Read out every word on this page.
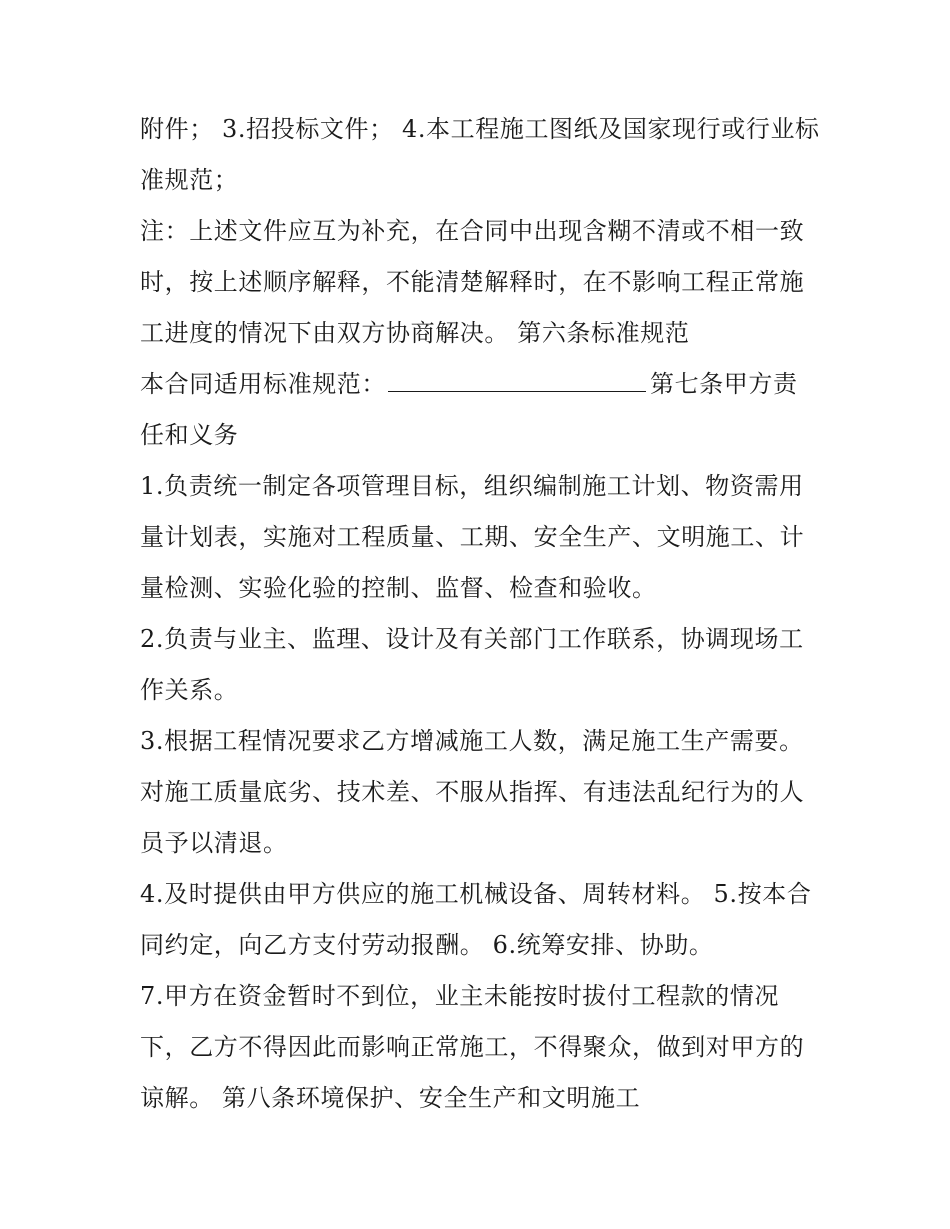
附件； 3.招投标文件； 4.本工程施工图纸及国家现行或行业标
准规范；
注：上述文件应互为补充，在合同中出现含糊不清或不相一致
时，按上述顺序解释，不能清楚解释时，在不影响工程正常施
工进度的情况下由双方协商解决。 第六条标准规范
本合同适用标准规范：	第七条甲方责
任和义务
1.负责统一制定各项管理目标，组织编制施工计划、物资需用
量计划表，实施对工程质量、工期、安全生产、文明施工、计
量检测、实验化验的控制、监督、检查和验收。
2.负责与业主、监理、设计及有关部门工作联系，协调现场工
作关系。
3.根据工程情况要求乙方增减施工人数，满足施工生产需要。
对施工质量底劣、技术差、不服从指挥、有违法乱纪行为的人
员予以清退。
4.及时提供由甲方供应的施工机械设备、周转材料。 5.按本合
同约定，向乙方支付劳动报酬。 6.统筹安排、协助。
7.甲方在资金暂时不到位，业主未能按时拔付工程款的情况
下，乙方不得因此而影响正常施工，不得聚众，做到对甲方的
谅解。 第八条环境保护、安全生产和文明施工
